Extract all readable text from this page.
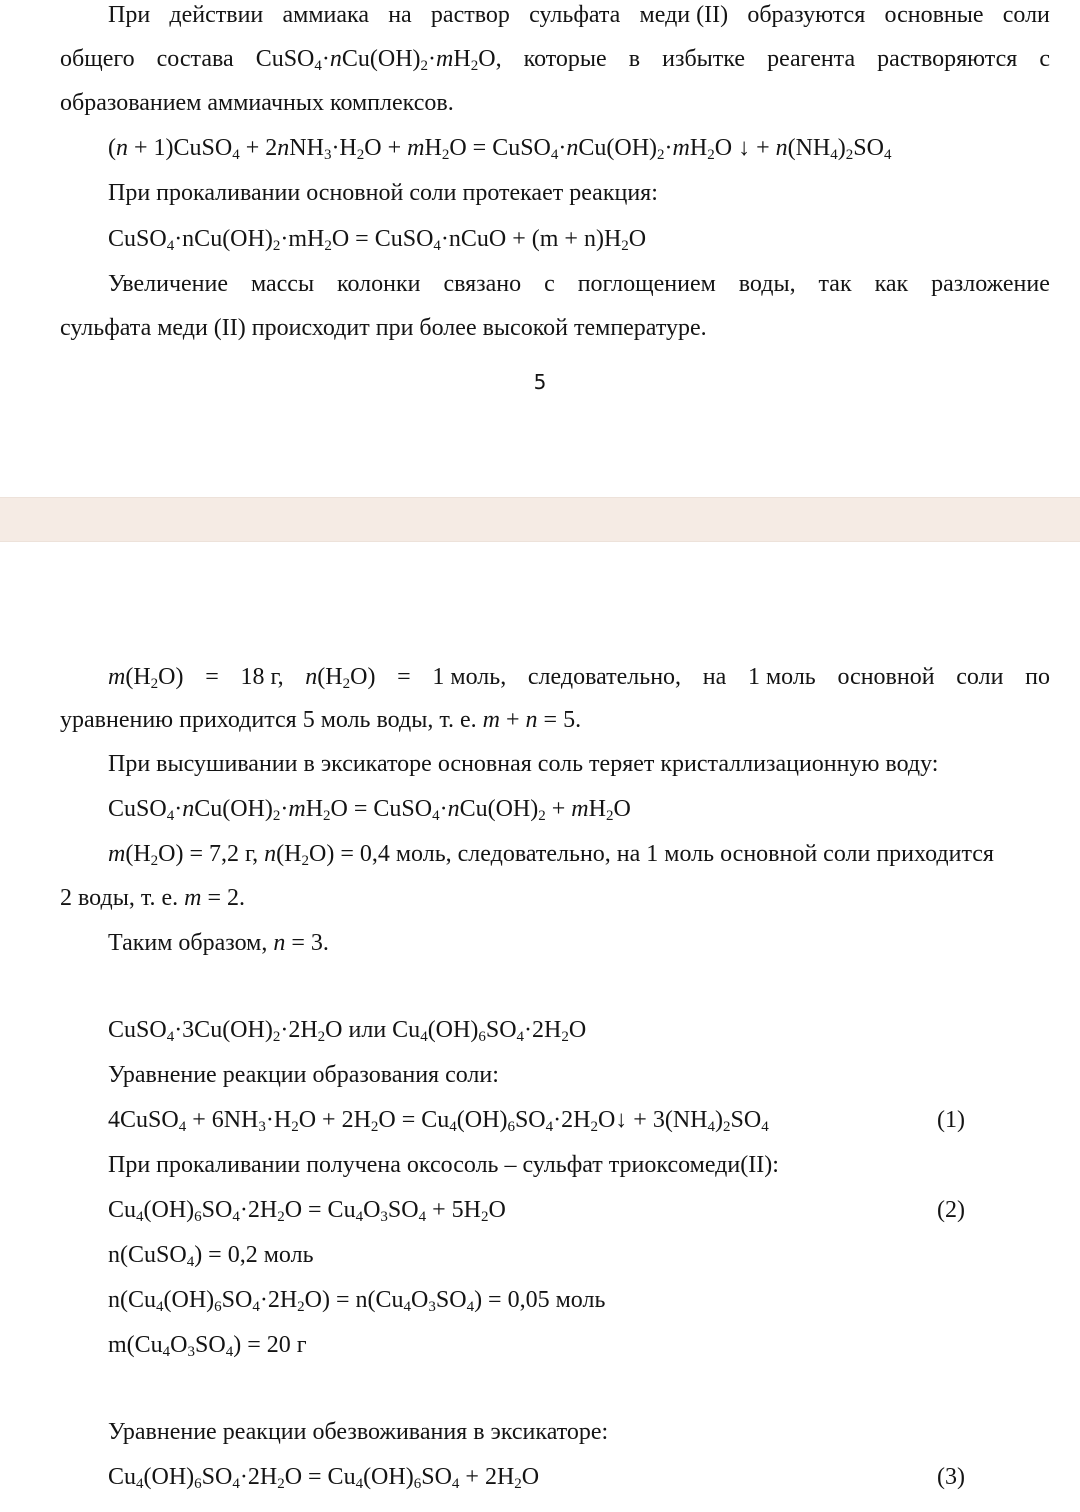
При действии аммиака на раствор сульфата меди (II) образуются основные соли
общего состава $CuSO_4\cdot nCu(OH)_2\cdot mH_2O$, которые в избытке реагента растворяются с
образованием аммиачных комплексов.
(n + 1)CuSO$_4$ + $2nNH_3\cdot H_2O + mH_2O$ = $CuSO_4\cdot nCu(OH)_2\cdot mH_2O$ ↓ + $n(NH_4)_2SO_4$
При прокаливании основной соли протекает реакция:
$CuSO_4\cdot nCu(OH)_2\cdot mH_2O$ = CuSO$_4$·nCuO + $(m + n)H_2O$
Увеличение массы колонки связано с поглощением воды, так как разложение
сульфата меди (II) происходит при более высокой температуре.
5
$m(H_2O) = 18$ г, $n(H_2O) = 1$ моль, следовательно, на 1 моль основной соли по
уравнению приходится 5 моль воды, т. е. m + n = 5.
При высушивании в эксикаторе основная соль теряет кристаллизационную воду:
$CuSO_4\cdot nCu(OH)_2\cdot mH_2O$ = $CuSO_4\cdot nCu(OH)_2 + mH_2O$
$m(H_2O) = 7,2$ г, $n(H_2O) = 0,4$ моль, следовательно, на 1 моль основной соли приходится
2 воды, т. е. m = 2.
Таким образом, n = 3.
$CuSO_4\cdot 3Cu(OH)_2\cdot 2H_2O$ или $Cu_4(OH)_6SO_4\cdot 2H_2O$
Уравнение реакции образования соли:
4CuSO$_4$ + $6NH_3\cdot H_2O + 2H_2O$ = $Cu_4(OH)_6SO_4\cdot 2H_2O↓ + 3(NH_4)_2SO_4$	(1)
При прокаливании получена оксосоль – сульфат триоксомеди(II):
$Cu_4(OH)_6SO_4\cdot 2H_2O = Cu_4O_3SO_4 + 5H_2O$	(2)
n(CuSO$_4$) = 0,2 моль
$n(Cu_4(OH)_6SO_4\cdot 2H_2O) = n(Cu_4O_3SO_4) = 0,05$ моль
$m(Cu_4O_3SO_4) = 20$ г
Уравнение реакции обезвоживания в эксикаторе:
$Cu_4(OH)_6SO_4\cdot 2H_2O = Cu_4(OH)_6SO_4 + 2H_2O$	(3)
